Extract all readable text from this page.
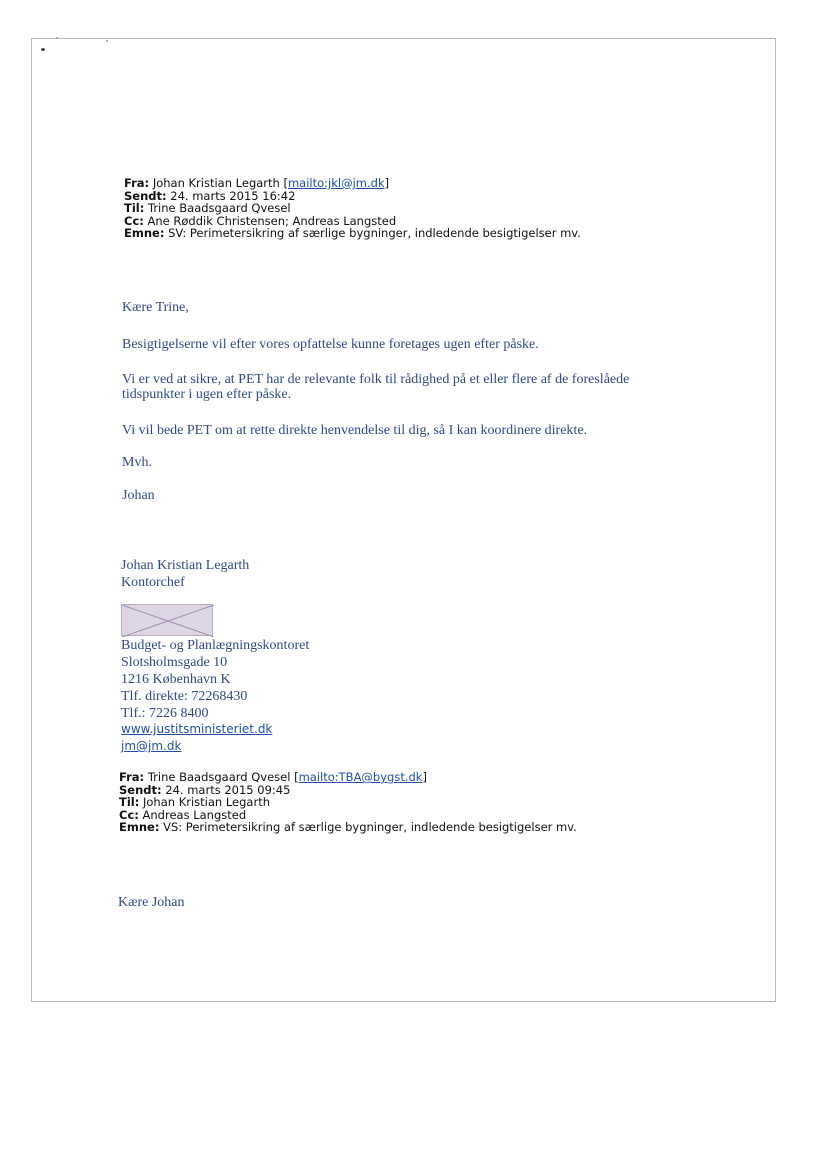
Fra: Johan Kristian Legarth [mailto:jkl@jm.dk]
Sendt: 24. marts 2015 16:42
Til: Trine Baadsgaard Qvesel
Cc: Ane Røddik Christensen; Andreas Langsted
Emne: SV: Perimetersikring af særlige bygninger, indledende besigtigelser mv.

Kære Trine,

Besigtigelserne vil efter vores opfattelse kunne foretages ugen efter påske.

Vi er ved at sikre, at PET har de relevante folk til rådighed på et eller flere af de foreslåede

tidspunkter i ugen efter påske.

Vi vil bede PET om at rette direkte henvendelse til dig, så I kan koordinere direkte.

Mvh.

Johan

Johan Kristian Legarth
Kontorchef
Budget- og Planlægningskontoret
Slotsholmsgade 10
1216 København K
Tlf. direkte: 72268430
Tlf.: 7226 8400
www.justitsministeriet.dk
jm@jm.dk
Fra: Trine Baadsgaard Qvesel [mailto:TBA@bygst.dk]
Sendt: 24. marts 2015 09:45
Til: Johan Kristian Legarth
Cc: Andreas Langsted
Emne: VS: Perimetersikring af særlige bygninger, indledende besigtigelser mv.

Kære Johan
